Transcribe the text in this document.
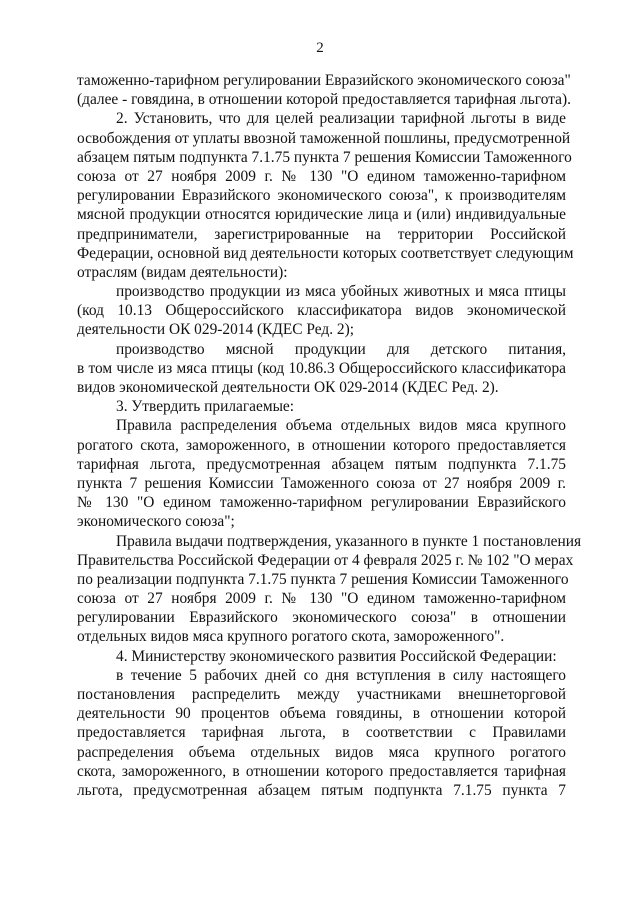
2
таможенно-тарифном регулировании Евразийского экономического союза"
(далее - говядина, в отношении которой предоставляется тарифная льгота).
2. Установить, что для целей реализации тарифной льготы в виде
освобождения от уплаты ввозной таможенной пошлины, предусмотренной
абзацем пятым подпункта 7.1.75 пункта 7 решения Комиссии Таможенного
союза от 27 ноября 2009 г. № 130 "О едином таможенно-тарифном
регулировании Евразийского экономического союза", к производителям
мясной продукции относятся юридические лица и (или) индивидуальные
предприниматели, зарегистрированные на территории Российской
Федерации, основной вид деятельности которых соответствует следующим
отраслям (видам деятельности):
производство продукции из мяса убойных животных и мяса птицы
(код 10.13 Общероссийского классификатора видов экономической
деятельности ОК 029-2014 (КДЕС Ред. 2);
производство мясной продукции для детского питания,
в том числе из мяса птицы (код 10.86.3 Общероссийского классификатора
видов экономической деятельности ОК 029-2014 (КДЕС Ред. 2).
3. Утвердить прилагаемые:
Правила распределения объема отдельных видов мяса крупного
рогатого скота, замороженного, в отношении которого предоставляется
тарифная льгота, предусмотренная абзацем пятым подпункта 7.1.75
пункта 7 решения Комиссии Таможенного союза от 27 ноября 2009 г.
№ 130 "О едином таможенно-тарифном регулировании Евразийского
экономического союза";
Правила выдачи подтверждения, указанного в пункте 1 постановления
Правительства Российской Федерации от 4 февраля 2025 г. № 102 "О мерах
по реализации подпункта 7.1.75 пункта 7 решения Комиссии Таможенного
союза от 27 ноября 2009 г. № 130 "О едином таможенно-тарифном
регулировании Евразийского экономического союза" в отношении
отдельных видов мяса крупного рогатого скота, замороженного".
4. Министерству экономического развития Российской Федерации:
в течение 5 рабочих дней со дня вступления в силу настоящего
постановления распределить между участниками внешнеторговой
деятельности 90 процентов объема говядины, в отношении которой
предоставляется тарифная льгота, в соответствии с Правилами
распределения объема отдельных видов мяса крупного рогатого
скота, замороженного, в отношении которого предоставляется тарифная
льгота, предусмотренная абзацем пятым подпункта 7.1.75 пункта 7
